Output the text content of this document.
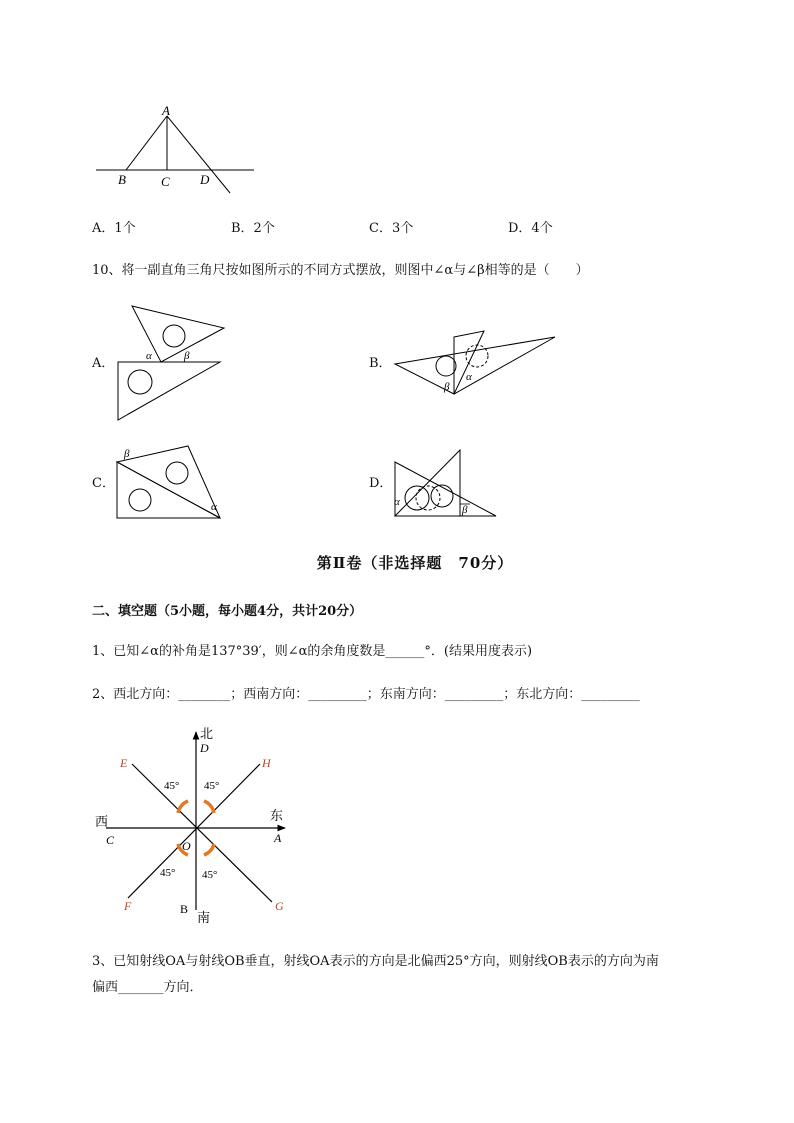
A
B	C D
A．1个	B．2个	C．3个	D．4个
10、将一副直角三角尺按如图所示的不同方式摆放，则图中∠α与∠β相等的是（　　）
A．	B．
C．	D．
α	β
β
α
β
α	α
β
第Ⅱ卷（非选择题　70分）
二、填空题（5小题，每小题4分，共计20分）
1、已知∠α的补角是137°39′，则∠α的余角度数是______°．(结果用度表示)
2、西北方向：________；西南方向：_________；东南方向：_________；东北方向：_________
北
D
E	H
45° 45°
西
C
东
A
O
45° 45°
F	G
B
南
3、已知射线OA与射线OB垂直，射线OA表示的方向是北偏西25°方向，则射线OB表示的方向为南
偏西_______方向．
